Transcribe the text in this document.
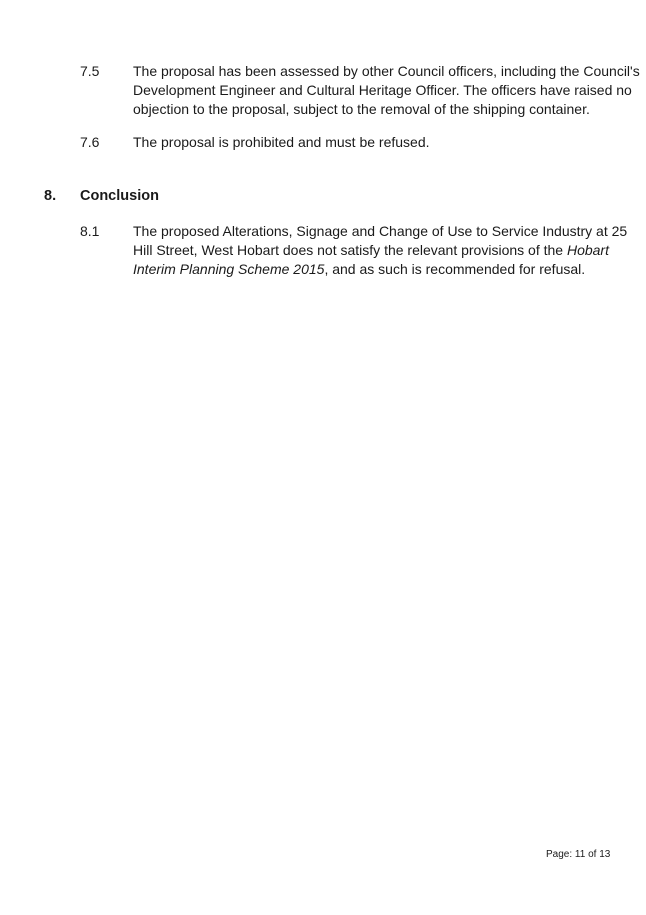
7.5	The proposal has been assessed by other Council officers, including the Council's
Development Engineer and Cultural Heritage Officer. The officers have raised no
objection to the proposal, subject to the removal of the shipping container.
7.6	The proposal is prohibited and must be refused.
8. Conclusion
8.1	The proposed Alterations, Signage and Change of Use to Service Industry at 25
Hill Street, West Hobart does not satisfy the relevant provisions of the Hobart
Interim Planning Scheme 2015, and as such is recommended for refusal.
Page: 11 of 13
